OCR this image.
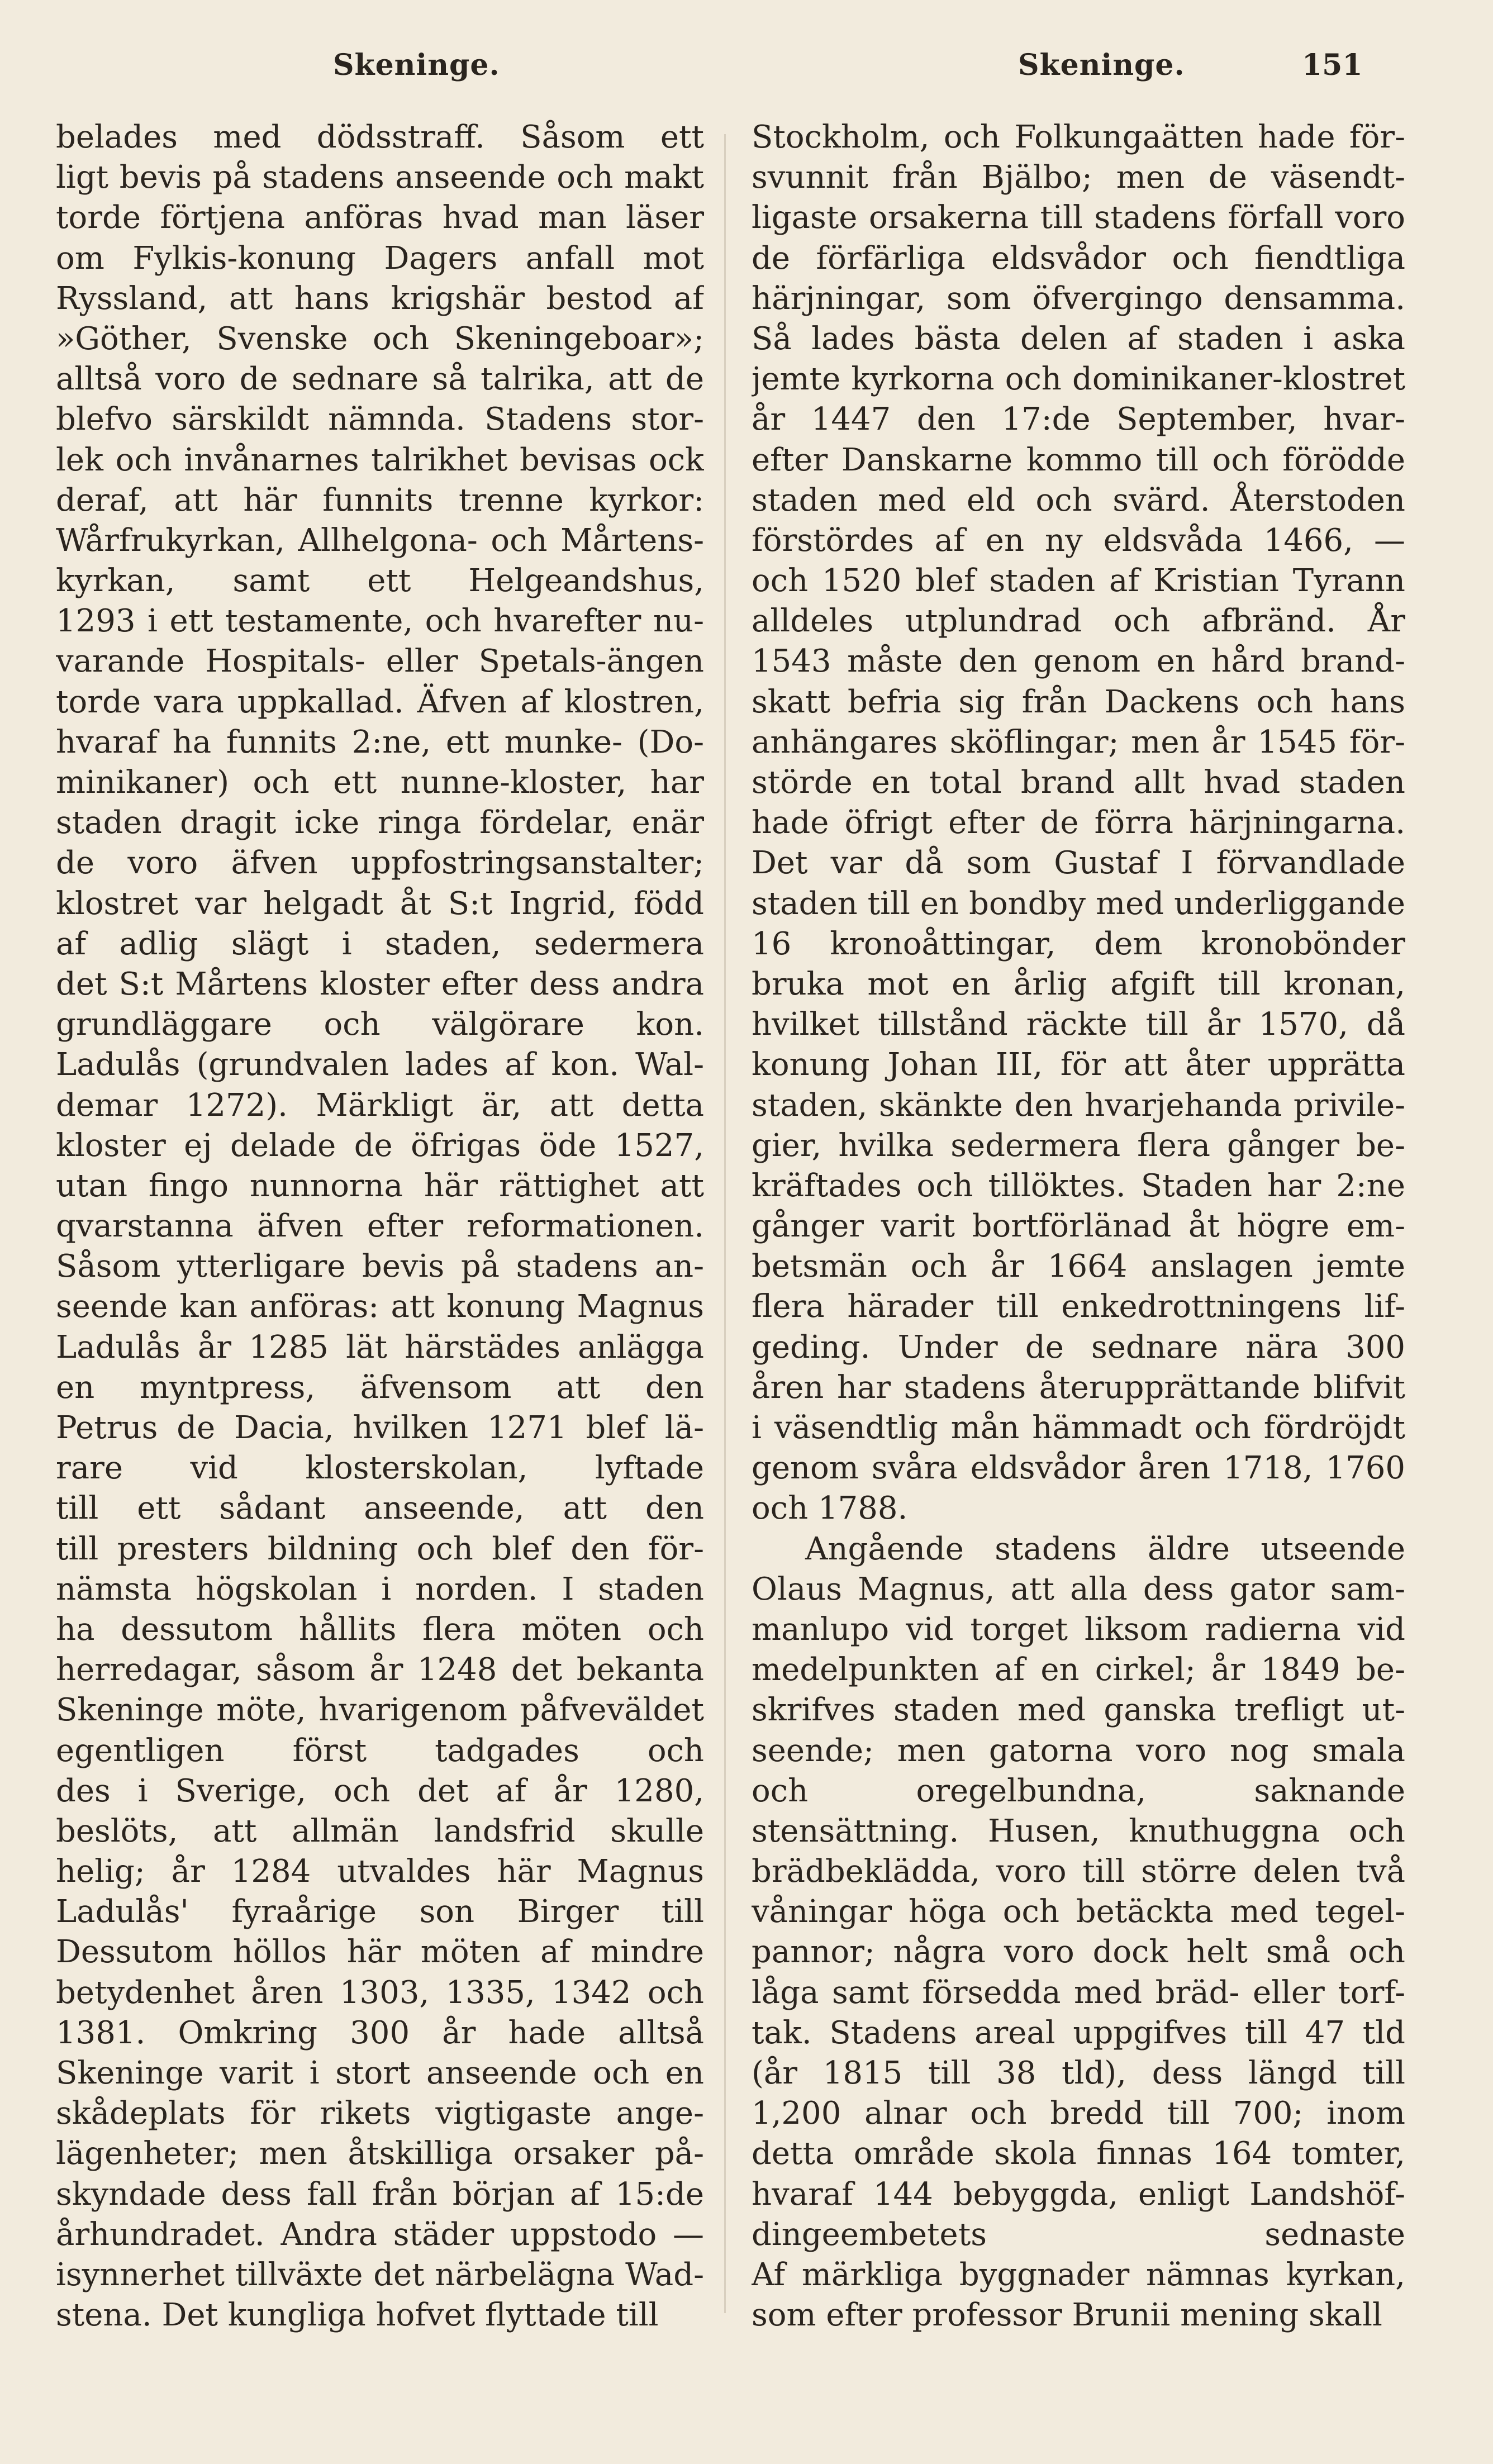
Skeninge.	Skeninge.	151
belades med dödsstraff. Såsom ett
ligt bevis på stadens anseende och makt
torde förtjena anföras hvad man läser
om Fylkis-konung Dagers anfall mot
Ryssland, att hans krigshär bestod af
»Göther, Svenske och Skeningeboar»;
alltså voro de sednare så talrika, att de
blefvo särskildt nämnda. Stadens stor-
lek och invånarnes talrikhet bevisas ock
deraf, att här funnits trenne kyrkor:
Wårfrukyrkan, Allhelgona- och Mårtens-
kyrkan, samt ett Helgeandshus,
1293 i ett testamente, och hvarefter nu-
varande Hospitals- eller Spetals-ängen
torde vara uppkallad. Äfven af klostren,
hvaraf ha funnits 2:ne, ett munke- (Do-
minikaner) och ett nunne-kloster, har
staden dragit icke ringa fördelar, enär
de voro äfven uppfostringsanstalter;
klostret var helgadt åt S:t Ingrid, född
af adlig slägt i staden, sedermera
det S:t Mårtens kloster efter dess andra
grundläggare och välgörare kon.
Ladulås (grundvalen lades af kon. Wal-
demar 1272). Märkligt är, att detta
kloster ej delade de öfrigas öde 1527,
utan fingo nunnorna här rättighet att
qvarstanna äfven efter reformationen.
Såsom ytterligare bevis på stadens an-
seende kan anföras: att konung Magnus
Ladulås år 1285 lät härstädes anlägga
en myntpress, äfvensom att den
Petrus de Dacia, hvilken 1271 blef lä-
rare vid klosterskolan, lyftade
till ett sådant anseende, att den
till presters bildning och blef den för-
nämsta högskolan i norden. I staden
ha dessutom hållits flera möten och
herredagar, såsom år 1248 det bekanta
Skeninge möte, hvarigenom påfveväldet
egentligen först tadgades och
des i Sverige, och det af år 1280,
beslöts, att allmän landsfrid skulle
helig; år 1284 utvaldes här Magnus
Ladulås' fyraårige son Birger till
Dessutom höllos här möten af mindre
betydenhet åren 1303, 1335, 1342 och
1381. Omkring 300 år hade alltså
Skeninge varit i stort anseende och en
skådeplats för rikets vigtigaste ange-
lägenheter; men åtskilliga orsaker på-
skyndade dess fall från början af 15:de
århundradet. Andra städer uppstodo —
isynnerhet tillväxte det närbelägna Wad-
stena. Det kungliga hofvet flyttade till
Stockholm, och Folkungaätten hade för-
svunnit från Bjälbo; men de väsendt-
ligaste orsakerna till stadens förfall voro
de förfärliga eldsvådor och fiendtliga
härjningar, som öfvergingo densamma.
Så lades bästa delen af staden i aska
jemte kyrkorna och dominikaner-klostret
år 1447 den 17:de September, hvar-
efter Danskarne kommo till och förödde
staden med eld och svärd. Återstoden
förstördes af en ny eldsvåda 1466, —
och 1520 blef staden af Kristian Tyrann
alldeles utplundrad och afbränd. År
1543 måste den genom en hård brand-
skatt befria sig från Dackens och hans
anhängares sköflingar; men år 1545 för-
störde en total brand allt hvad staden
hade öfrigt efter de förra härjningarna.
Det var då som Gustaf I förvandlade
staden till en bondby med underliggande
16 kronoåttingar, dem kronobönder
bruka mot en årlig afgift till kronan,
hvilket tillstånd räckte till år 1570, då
konung Johan III, för att åter upprätta
staden, skänkte den hvarjehanda privile-
gier, hvilka sedermera flera gånger be-
kräftades och tillöktes. Staden har 2:ne
gånger varit bortförlänad åt högre em-
betsmän och år 1664 anslagen jemte
flera härader till enkedrottningens lif-
geding. Under de sednare nära 300
åren har stadens återupprättande blifvit
i väsendtlig mån hämmadt och fördröjdt
genom svåra eldsvådor åren 1718, 1760
och 1788.
Angående stadens äldre utseende
Olaus Magnus, att alla dess gator sam-
manlupo vid torget liksom radierna vid
medelpunkten af en cirkel; år 1849 be-
skrifves staden med ganska trefligt ut-
seende; men gatorna voro nog smala
och oregelbundna, saknande
stensättning. Husen, knuthuggna och
brädbeklädda, voro till större delen två
våningar höga och betäckta med tegel-
pannor; några voro dock helt små och
låga samt försedda med bräd- eller torf-
tak. Stadens areal uppgifves till 47 tld
(år 1815 till 38 tld), dess längd till
1,200 alnar och bredd till 700; inom
detta område skola finnas 164 tomter,
hvaraf 144 bebyggda, enligt Landshöf-
dingeembetets sednaste
Af märkliga byggnader nämnas kyrkan,
som efter professor Brunii mening skall
